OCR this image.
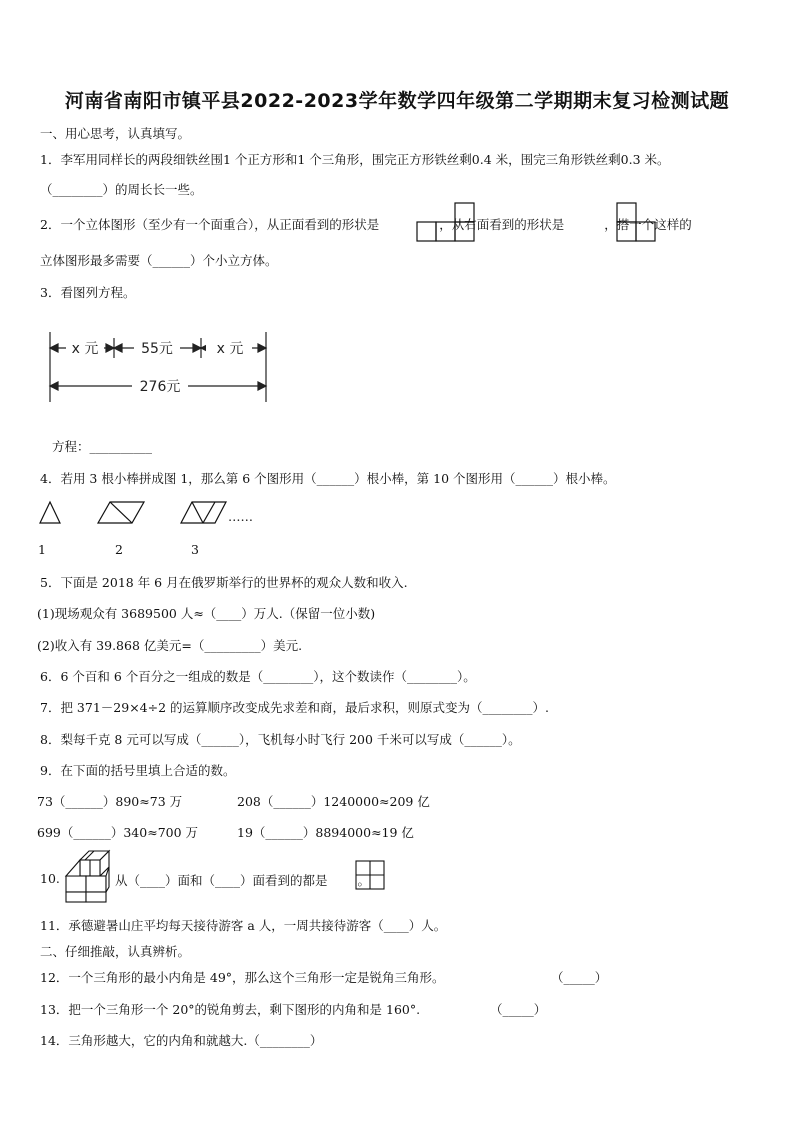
河南省南阳市镇平县2022-2023学年数学四年级第二学期期末复习检测试题
一、用心思考，认真填写。
1．李军用同样长的两段细铁丝围1 个正方形和1 个三角形，围完正方形铁丝剩0.4 米，围完三角形铁丝剩0.3 米。
（________）的周长长一些。
2．一个立体图形（至少有一个面重合），从正面看到的形状是	，从右面看到的形状是	，搭一个这样的
立体图形最多需要（______）个小立方体。
3．看图列方程。
x 元	55元	x 元
276元
方程：__________
4．若用 3 根小棒拼成图 1，那么第 6 个图形用（______）根小棒，第 10 个图形用（______）根小棒。
……
1	2	3
5．下面是 2018 年 6 月在俄罗斯举行的世界杯的观众人数和收入.
(1)现场观众有 3689500 人≈（____）万人.（保留一位小数)
(2)收入有 39.868 亿美元=（_________）美元.
6．6 个百和 6 个百分之一组成的数是（________），这个数读作（________）。
7．把 371－29×4÷2 的运算顺序改变成先求差和商，最后求积，则原式变为（________）.
8．梨每千克 8 元可以写成（______），飞机每小时飞行 200 千米可以写成（______）。
9．在下面的括号里填上合适的数。
73（______）890≈73 万	208（______）1240000≈209 亿
699（______）340≈700 万	19（______）8894000≈19 亿
10.	从（____）面和（____）面看到的都是 。
11．承德避暑山庄平均每天接待游客 a 人，一周共接待游客（____）人。
二、仔细推敲，认真辨析。
12．一个三角形的最小内角是 49°，那么这个三角形一定是锐角三角形。	（_____）
13．把一个三角形一个 20°的锐角剪去，剩下图形的内角和是 160°.	（_____）
14．三角形越大，它的内角和就越大.（________）
